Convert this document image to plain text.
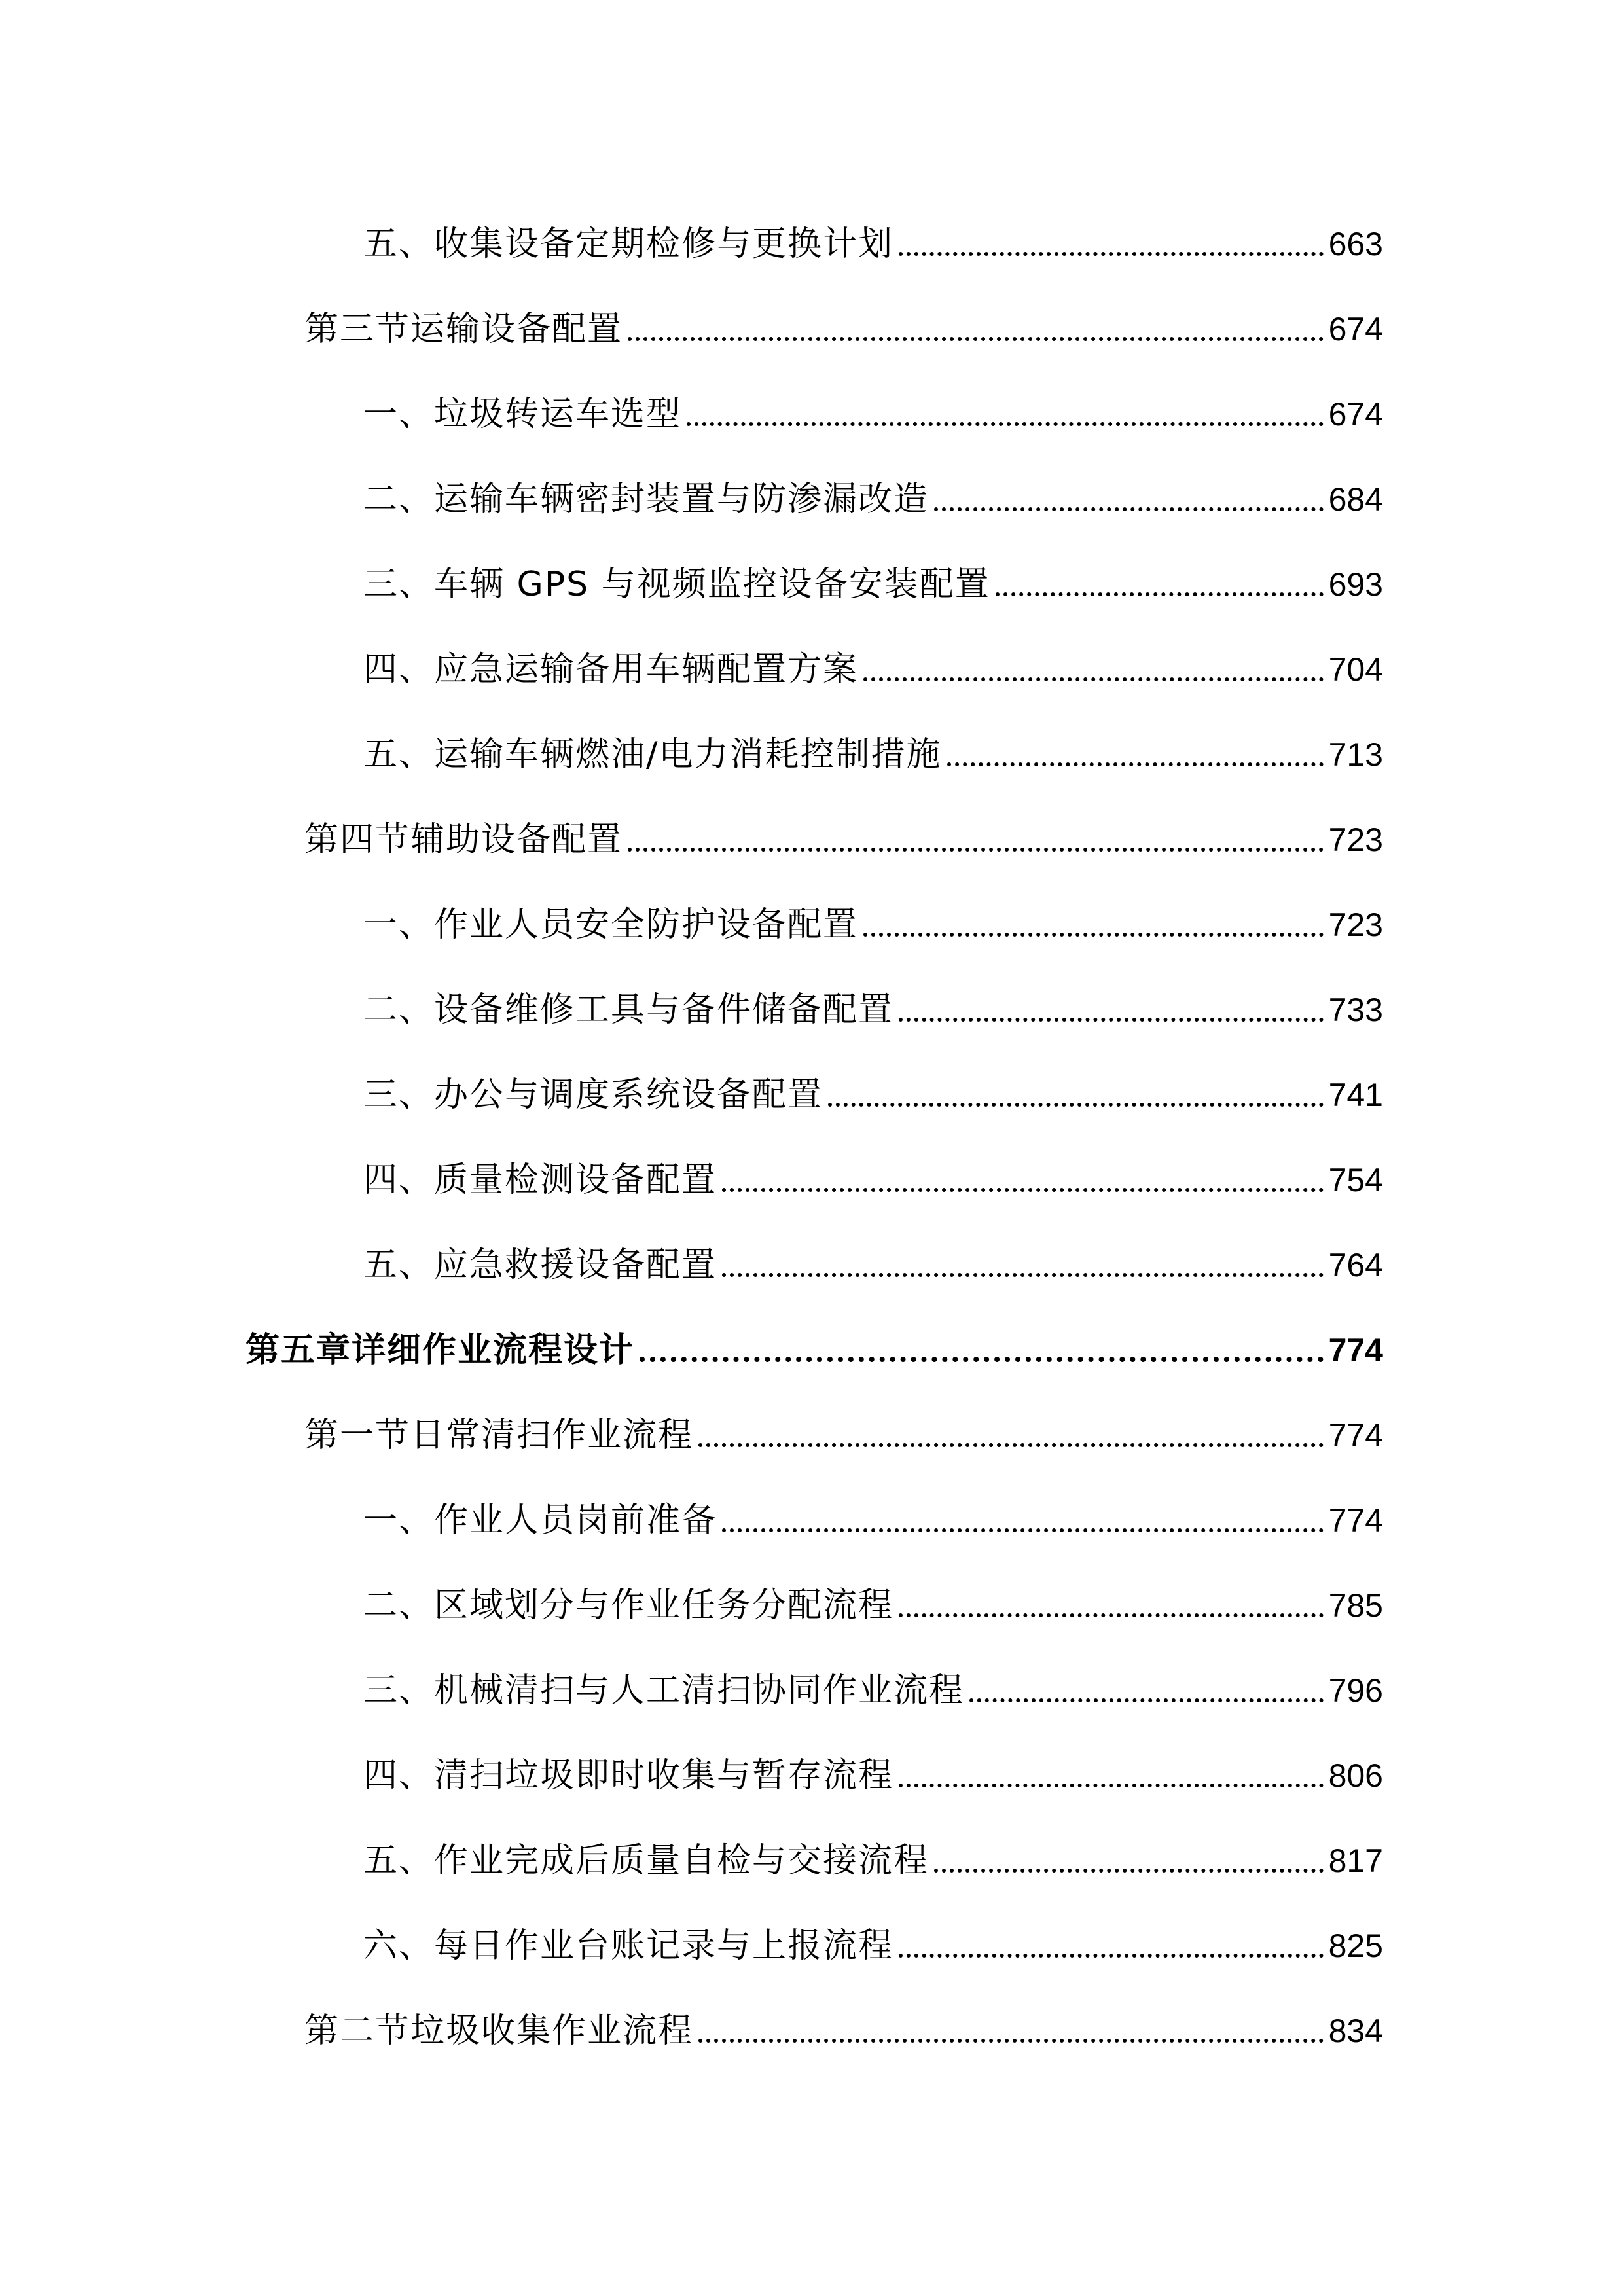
五、收集设备定期检修与更换计划	663
第三节运输设备配置	674
一、垃圾转运车选型	674
二、运输车辆密封装置与防渗漏改造	684
三、车辆 GPS 与视频监控设备安装配置	693
四、应急运输备用车辆配置方案	704
五、运输车辆燃油/电力消耗控制措施	713
第四节辅助设备配置	723
一、作业人员安全防护设备配置	723
二、设备维修工具与备件储备配置	733
三、办公与调度系统设备配置	741
四、质量检测设备配置	754
五、应急救援设备配置	764
第五章详细作业流程设计	774
第一节日常清扫作业流程	774
一、作业人员岗前准备	774
二、区域划分与作业任务分配流程	785
三、机械清扫与人工清扫协同作业流程	796
四、清扫垃圾即时收集与暂存流程	806
五、作业完成后质量自检与交接流程	817
六、每日作业台账记录与上报流程	825
第二节垃圾收集作业流程	834
